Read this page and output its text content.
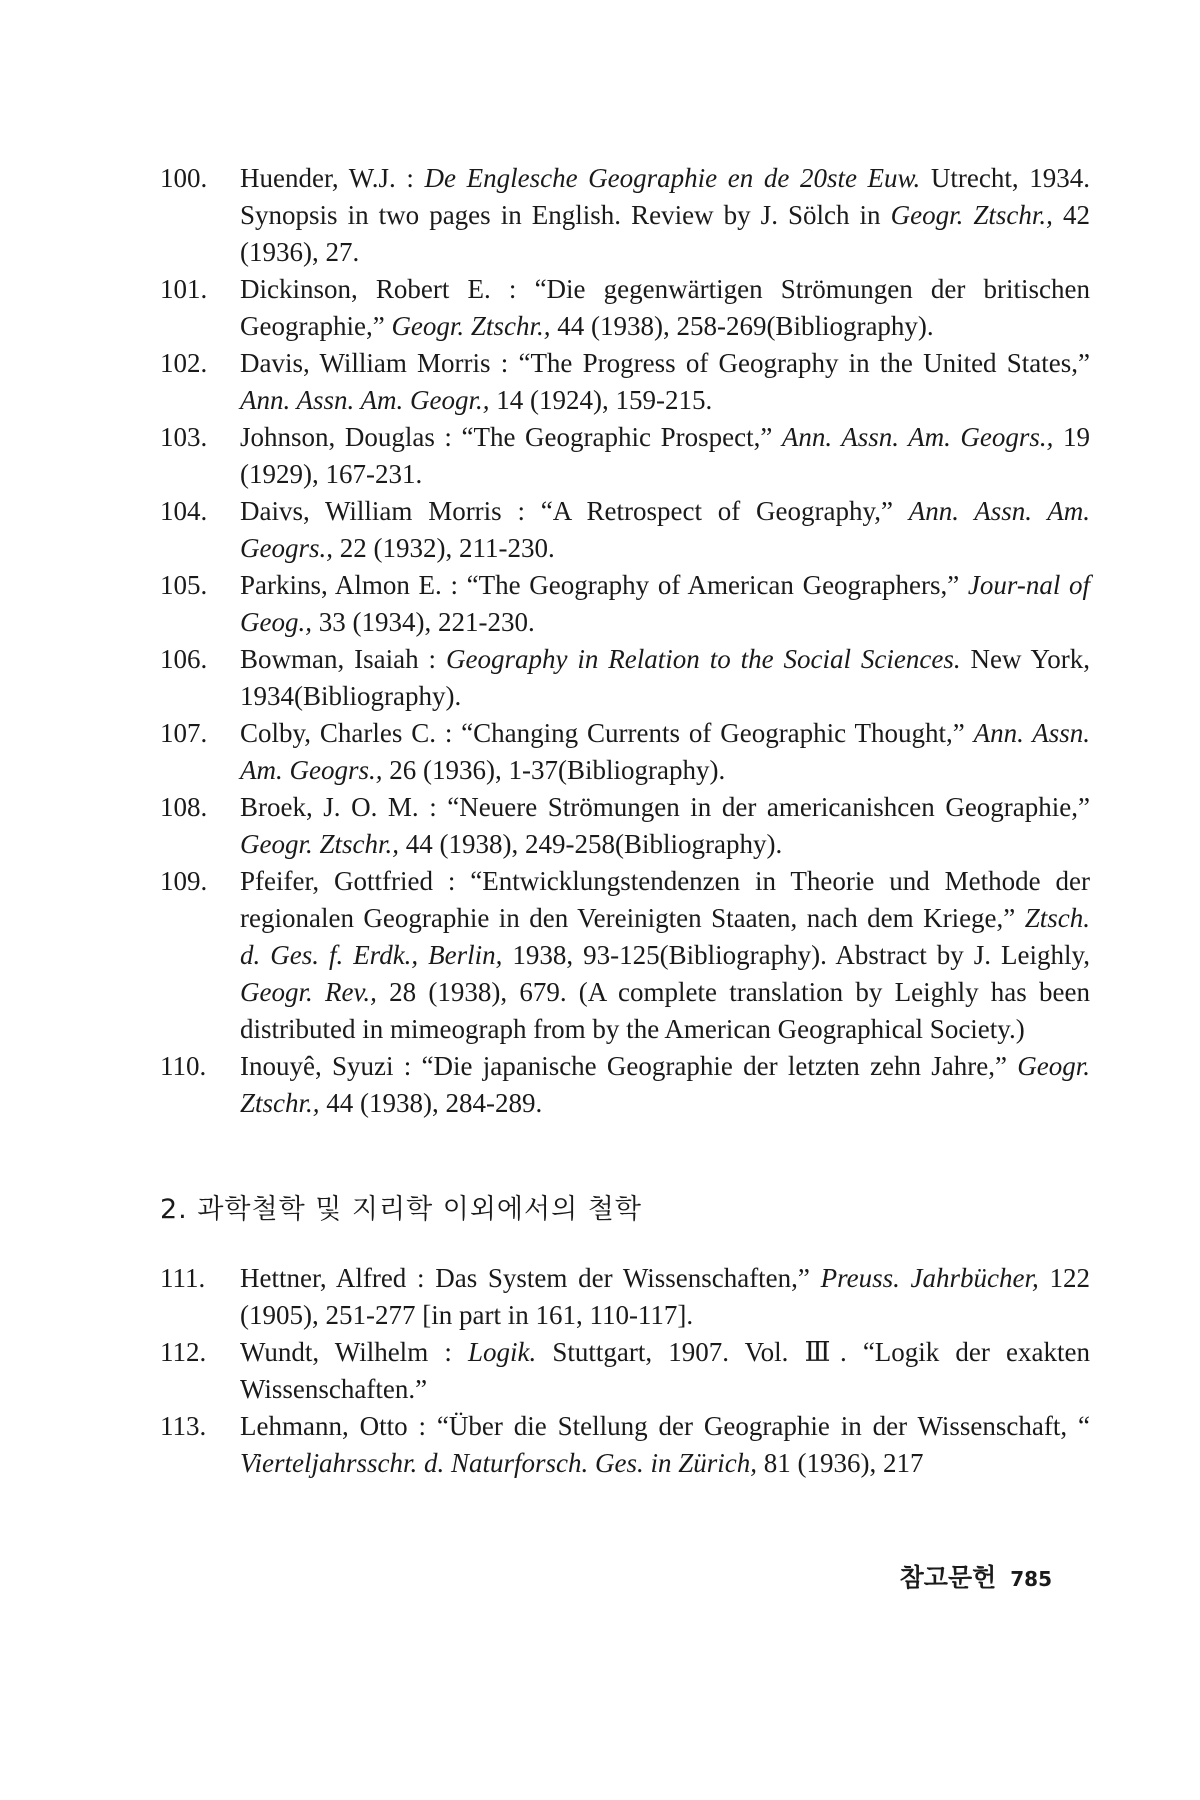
100.	Huender, W.J. : De Englesche Geographie en de 20ste Euw. Utrecht, 1934. Synopsis in two pages in English. Review by J. Sölch in Geogr. Ztschr., 42 (1936), 27.
101.	Dickinson, Robert E. : “Die gegenwärtigen Strömungen der britischen Geographie,” Geogr. Ztschr., 44 (1938), 258-269(Bibliography).
102.	Davis, William Morris : “The Progress of Geography in the United States,” Ann. Assn. Am. Geogr., 14 (1924), 159-215.
103.	Johnson, Douglas : “The Geographic Prospect,” Ann. Assn. Am. Geogrs., 19 (1929), 167-231.
104.	Daivs, William Morris : “A Retrospect of Geography,” Ann. Assn. Am. Geogrs., 22 (1932), 211-230.
105.	Parkins, Almon E. : “The Geography of American Geographers,” Jour-nal of Geog., 33 (1934), 221-230.
106.	Bowman, Isaiah : Geography in Relation to the Social Sciences. New York, 1934(Bibliography).
107.	Colby, Charles C. : “Changing Currents of Geographic Thought,” Ann. Assn. Am. Geogrs., 26 (1936), 1-37(Bibliography).
108.	Broek, J. O. M. : “Neuere Strömungen in der americanishcen Geographie,” Geogr. Ztschr., 44 (1938), 249-258(Bibliography).
109.	Pfeifer, Gottfried : “Entwicklungstendenzen in Theorie und Methode der regionalen Geographie in den Vereinigten Staaten, nach dem Kriege,” Ztsch. d. Ges. f. Erdk., Berlin, 1938, 93-125(Bibliography). Abstract by J. Leighly, Geogr. Rev., 28 (1938), 679. (A complete translation by Leighly has been distributed in mimeograph from by the American Geographical Society.)
110.	Inouyê, Syuzi : “Die japanische Geographie der letzten zehn Jahre,” Geogr. Ztschr., 44 (1938), 284-289.
2. 과학철학 및 지리학 이외에서의 철학
111.	Hettner, Alfred : Das System der Wissenschaften,” Preuss. Jahrbücher, 122 (1905), 251-277 [in part in 161, 110-117].
112.	Wundt, Wilhelm : Logik. Stuttgart, 1907. Vol. Ⅲ. “Logik der exakten Wissenschaften.”
113.	Lehmann, Otto : “Über die Stellung der Geographie in der Wissenschaft, “ Vierteljahrsschr. d. Naturforsch. Ges. in Zürich, 81 (1936), 217
참고문헌 785
